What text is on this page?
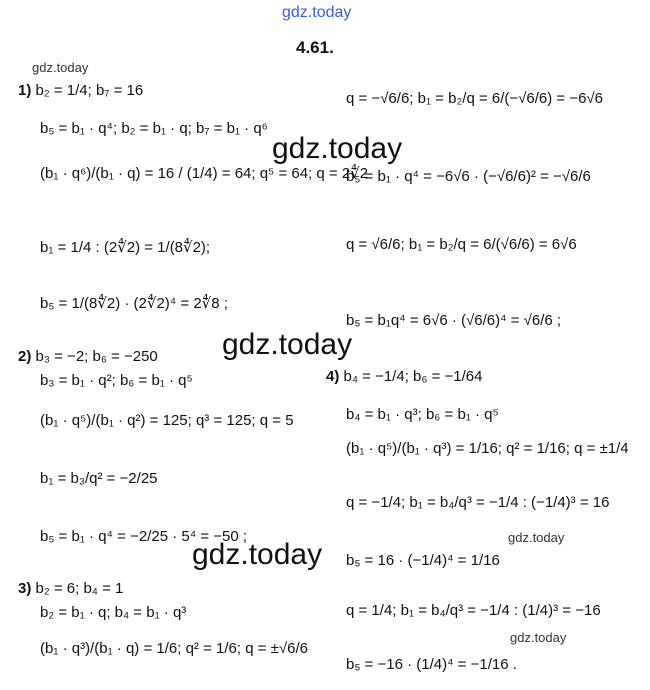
gdz.today
gdz.today
gdz.today
gdz.today
gdz.today
gdz.today
gdz.today
4.61.
1) b₂ = 1/4; b₇ = 16
b₅ = b₁ · q⁴; b₂ = b₁ · q; b₇ = b₁ · q⁶
(b₁ · q⁶)/(b₁ · q) = 16 / (1/4) = 64; q⁵ = 64; q = 2∜2
b₁ = 1/4 : (2∜2) = 1/(8∜2);
b₅ = 1/(8∜2) · (2∜2)⁴ = 2∜8 ;
2) b₃ = −2; b₆ = −250
b₃ = b₁ · q²; b₆ = b₁ · q⁵
(b₁ · q⁵)/(b₁ · q²) = 125; q³ = 125; q = 5
b₁ = b₃/q² = −2/25
b₅ = b₁ · q⁴ = −2/25 · 5⁴ = −50 ;
3) b₂ = 6; b₄ = 1
b₂ = b₁ · q; b₄ = b₁ · q³
(b₁ · q³)/(b₁ · q) = 1/6; q² = 1/6; q = ±√6/6
q = −√6/6; b₁ = b₂/q = 6/(−√6/6) = −6√6
b₅ = b₁ · q⁴ = −6√6 · (−√6/6)² = −√6/6
q = √6/6; b₁ = b₂/q = 6/(√6/6) = 6√6
b₅ = b₁q⁴ = 6√6 · (√6/6)⁴ = √6/6 ;
4) b₄ = −1/4; b₆ = −1/64
b₄ = b₁ · q³; b₆ = b₁ · q⁵
(b₁ · q⁵)/(b₁ · q³) = 1/16; q² = 1/16; q = ±1/4
q = −1/4; b₁ = b₄/q³ = −1/4 : (−1/4)³ = 16
b₅ = 16 · (−1/4)⁴ = 1/16
q = 1/4; b₁ = b₄/q³ = −1/4 : (1/4)³ = −16
b₅ = −16 · (1/4)⁴ = −1/16 .
